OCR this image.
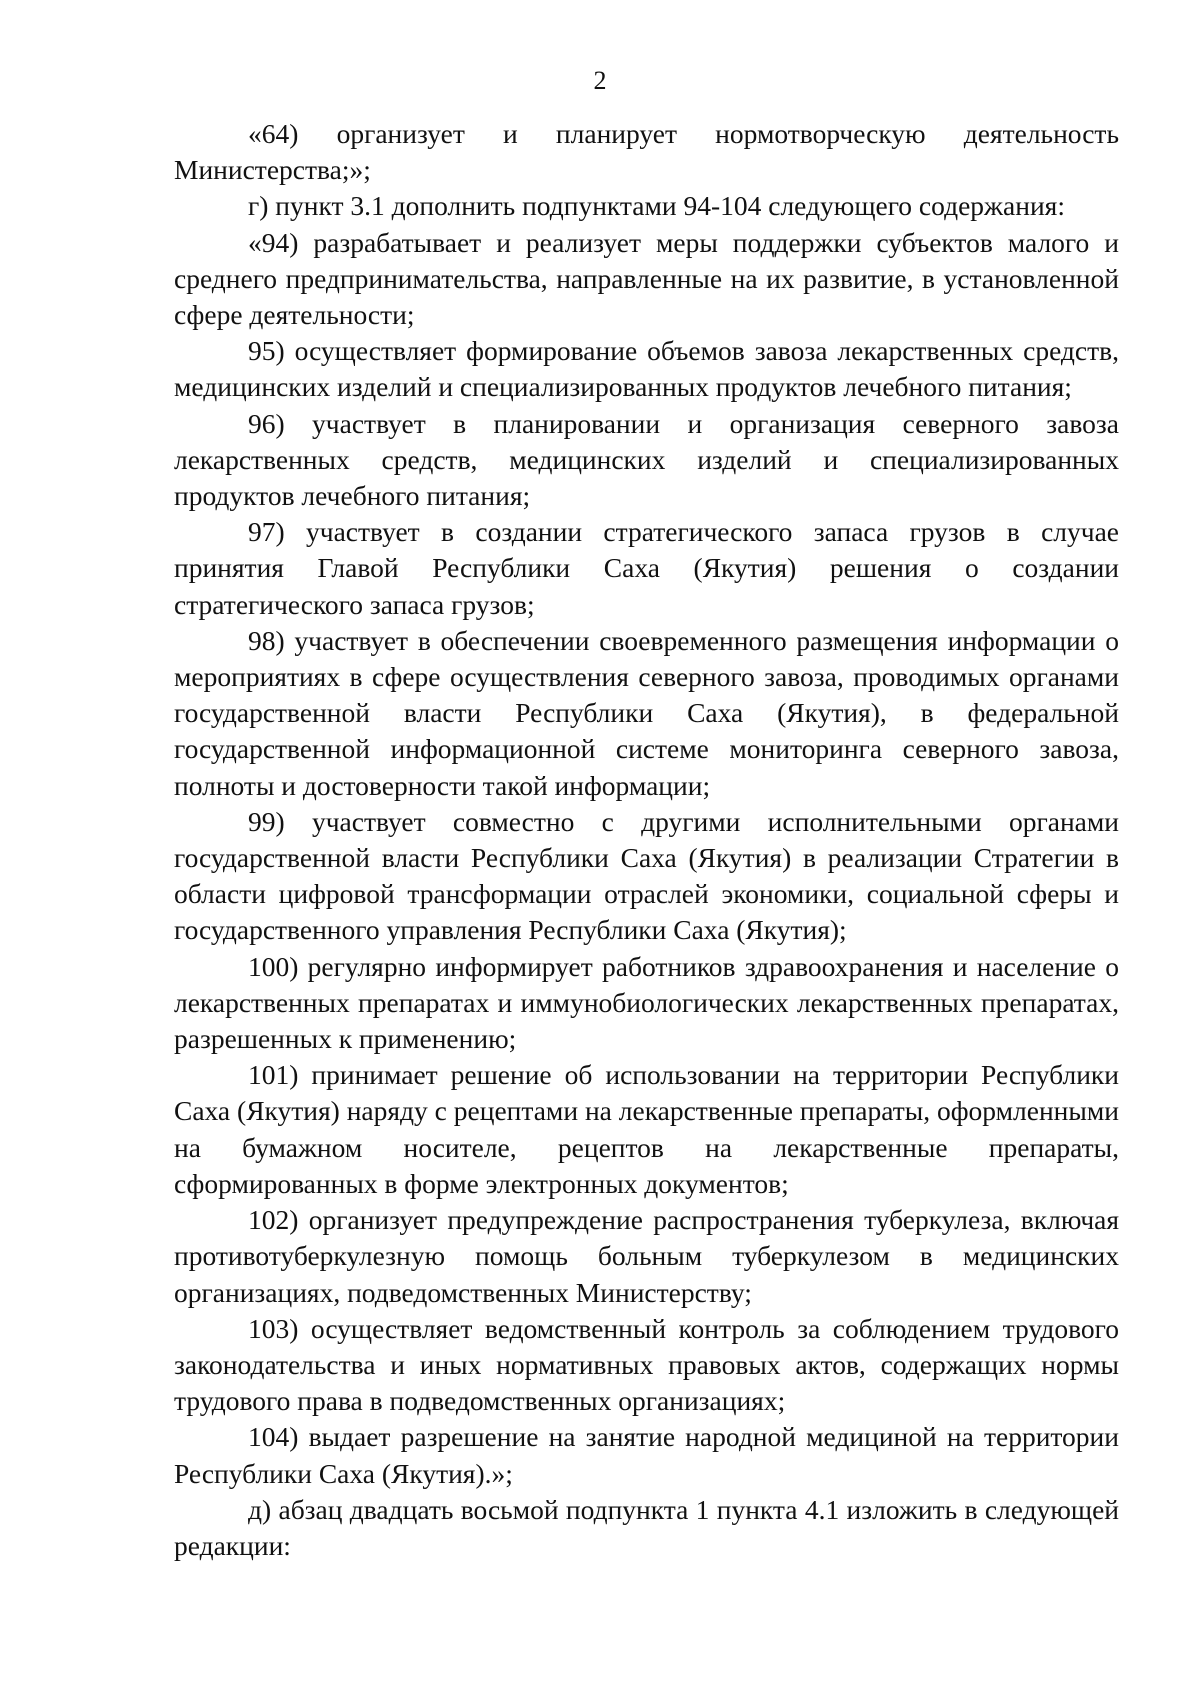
2

«64) организует и планирует нормотворческую деятельность Министерства;»;

г) пункт 3.1 дополнить подпунктами 94-104 следующего содержания:

«94) разрабатывает и реализует меры поддержки субъектов малого и среднего предпринимательства, направленные на их развитие, в установленной сфере деятельности;

95) осуществляет формирование объемов завоза лекарственных средств, медицинских изделий и специализированных продуктов лечебного питания;

96) участвует в планировании и организация северного завоза лекарственных средств, медицинских изделий и специализированных продуктов лечебного питания;

97) участвует в создании стратегического запаса грузов в случае принятия Главой Республики Саха (Якутия) решения о создании стратегического запаса грузов;

98) участвует в обеспечении своевременного размещения информации о мероприятиях в сфере осуществления северного завоза, проводимых органами государственной власти Республики Саха (Якутия), в федеральной государственной информационной системе мониторинга северного завоза, полноты и достоверности такой информации;

99) участвует совместно с другими исполнительными органами государственной власти Республики Саха (Якутия) в реализации Стратегии в области цифровой трансформации отраслей экономики, социальной сферы и государственного управления Республики Саха (Якутия);

100) регулярно информирует работников здравоохранения и население о лекарственных препаратах и иммунобиологических лекарственных препаратах, разрешенных к применению;

101) принимает решение об использовании на территории Республики Саха (Якутия) наряду с рецептами на лекарственные препараты, оформленными на бумажном носителе, рецептов на лекарственные препараты, сформированных в форме электронных документов;

102) организует предупреждение распространения туберкулеза, включая противотуберкулезную помощь больным туберкулезом в медицинских организациях, подведомственных Министерству;

103) осуществляет ведомственный контроль за соблюдением трудового законодательства и иных нормативных правовых актов, содержащих нормы трудового права в подведомственных организациях;

104) выдает разрешение на занятие народной медициной на территории Республики Саха (Якутия).»;

д) абзац двадцать восьмой подпункта 1 пункта 4.1 изложить в следующей редакции:
